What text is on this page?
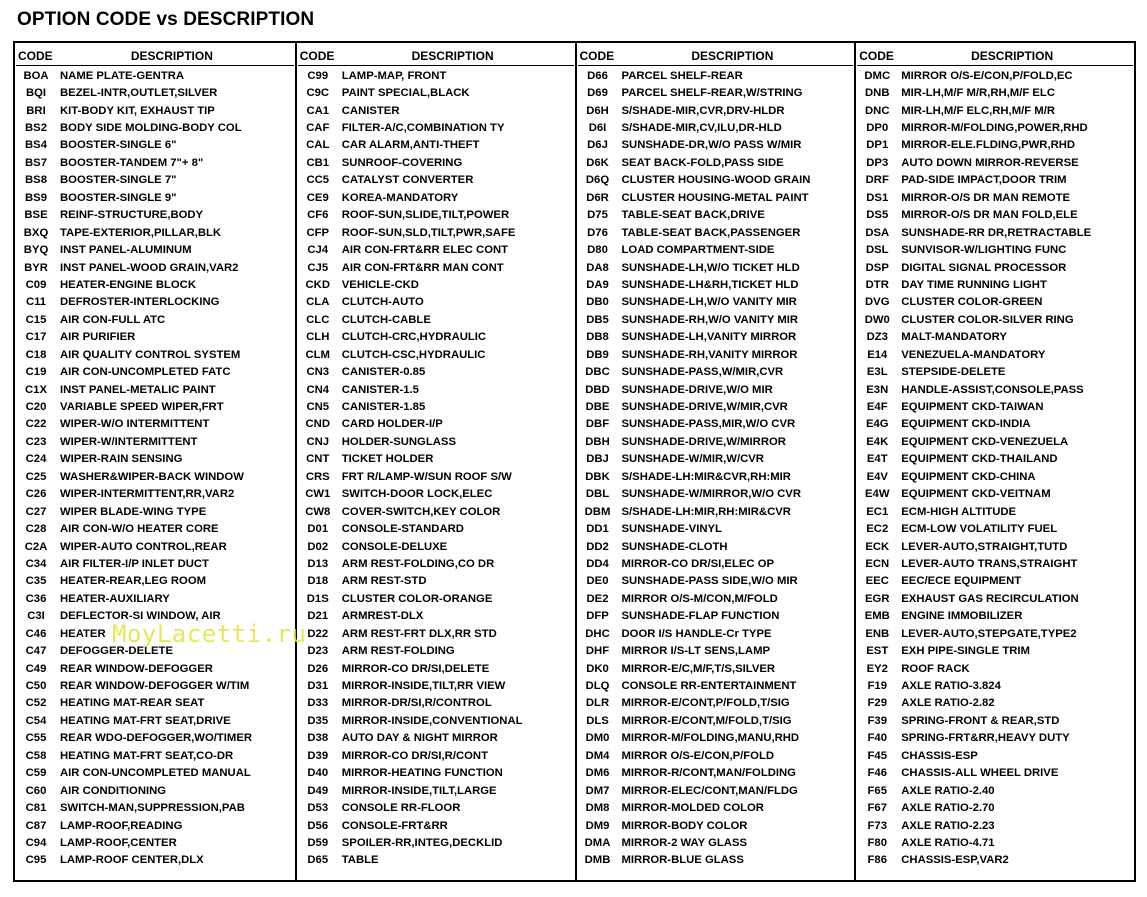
OPTION CODE vs DESCRIPTION
CODE	DESCRIPTION
BOA	NAME PLATE-GENTRA
BQI	BEZEL-INTR,OUTLET,SILVER
BRI	KIT-BODY KIT, EXHAUST TIP
BS2	BODY SIDE MOLDING-BODY COL
BS4	BOOSTER-SINGLE 6"
BS7	BOOSTER-TANDEM 7"+ 8"
BS8	BOOSTER-SINGLE 7"
BS9	BOOSTER-SINGLE 9"
BSE	REINF-STRUCTURE,BODY
BXQ	TAPE-EXTERIOR,PILLAR,BLK
BYQ	INST PANEL-ALUMINUM
BYR	INST PANEL-WOOD GRAIN,VAR2
C09	HEATER-ENGINE BLOCK
C11	DEFROSTER-INTERLOCKING
C15	AIR CON-FULL ATC
C17	AIR PURIFIER
C18	AIR QUALITY CONTROL SYSTEM
C19	AIR CON-UNCOMPLETED FATC
C1X	INST PANEL-METALIC PAINT
C20	VARIABLE SPEED WIPER,FRT
C22	WIPER-W/O INTERMITTENT
C23	WIPER-W/INTERMITTENT
C24	WIPER-RAIN SENSING
C25	WASHER&WIPER-BACK WINDOW
C26	WIPER-INTERMITTENT,RR,VAR2
C27	WIPER BLADE-WING TYPE
C28	AIR CON-W/O HEATER CORE
C2A	WIPER-AUTO CONTROL,REAR
C34	AIR FILTER-I/P INLET DUCT
C35	HEATER-REAR,LEG ROOM
C36	HEATER-AUXILIARY
C3I	DEFLECTOR-SI WINDOW, AIR
C46	HEATER
C47	DEFOGGER-DELETE
C49	REAR WINDOW-DEFOGGER
C50	REAR WINDOW-DEFOGGER W/TIM
C52	HEATING MAT-REAR SEAT
C54	HEATING MAT-FRT SEAT,DRIVE
C55	REAR WDO-DEFOGGER,WO/TIMER
C58	HEATING MAT-FRT SEAT,CO-DR
C59	AIR CON-UNCOMPLETED MANUAL
C60	AIR CONDITIONING
C81	SWITCH-MAN,SUPPRESSION,PAB
C87	LAMP-ROOF,READING
C94	LAMP-ROOF,CENTER
C95	LAMP-ROOF CENTER,DLX
CODE	DESCRIPTION
C99	LAMP-MAP, FRONT
C9C	PAINT SPECIAL,BLACK
CA1	CANISTER
CAF	FILTER-A/C,COMBINATION TY
CAL	CAR ALARM,ANTI-THEFT
CB1	SUNROOF-COVERING
CC5	CATALYST CONVERTER
CE9	KOREA-MANDATORY
CF6	ROOF-SUN,SLIDE,TILT,POWER
CFP	ROOF-SUN,SLD,TILT,PWR,SAFE
CJ4	AIR CON-FRT&RR ELEC CONT
CJ5	AIR CON-FRT&RR MAN CONT
CKD	VEHICLE-CKD
CLA	CLUTCH-AUTO
CLC	CLUTCH-CABLE
CLH	CLUTCH-CRC,HYDRAULIC
CLM	CLUTCH-CSC,HYDRAULIC
CN3	CANISTER-0.85
CN4	CANISTER-1.5
CN5	CANISTER-1.85
CND	CARD HOLDER-I/P
CNJ	HOLDER-SUNGLASS
CNT	TICKET HOLDER
CRS	FRT R/LAMP-W/SUN ROOF S/W
CW1	SWITCH-DOOR LOCK,ELEC
CW8	COVER-SWITCH,KEY COLOR
D01	CONSOLE-STANDARD
D02	CONSOLE-DELUXE
D13	ARM REST-FOLDING,CO DR
D18	ARM REST-STD
D1S	CLUSTER COLOR-ORANGE
D21	ARMREST-DLX
D22	ARM REST-FRT DLX,RR STD
D23	ARM REST-FOLDING
D26	MIRROR-CO DR/SI,DELETE
D31	MIRROR-INSIDE,TILT,RR VIEW
D33	MIRROR-DR/SI,R/CONTROL
D35	MIRROR-INSIDE,CONVENTIONAL
D38	AUTO DAY & NIGHT MIRROR
D39	MIRROR-CO DR/SI,R/CONT
D40	MIRROR-HEATING FUNCTION
D49	MIRROR-INSIDE,TILT,LARGE
D53	CONSOLE RR-FLOOR
D56	CONSOLE-FRT&RR
D59	SPOILER-RR,INTEG,DECKLID
D65	TABLE
CODE	DESCRIPTION
D66	PARCEL SHELF-REAR
D69	PARCEL SHELF-REAR,W/STRING
D6H	S/SHADE-MIR,CVR,DRV-HLDR
D6I	S/SHADE-MIR,CV,ILU,DR-HLD
D6J	SUNSHADE-DR,W/O PASS W/MIR
D6K	SEAT BACK-FOLD,PASS SIDE
D6Q	CLUSTER HOUSING-WOOD GRAIN
D6R	CLUSTER HOUSING-METAL PAINT
D75	TABLE-SEAT BACK,DRIVE
D76	TABLE-SEAT BACK,PASSENGER
D80	LOAD COMPARTMENT-SIDE
DA8	SUNSHADE-LH,W/O TICKET HLD
DA9	SUNSHADE-LH&RH,TICKET HLD
DB0	SUNSHADE-LH,W/O VANITY MIR
DB5	SUNSHADE-RH,W/O VANITY MIR
DB8	SUNSHADE-LH,VANITY MIRROR
DB9	SUNSHADE-RH,VANITY MIRROR
DBC	SUNSHADE-PASS,W/MIR,CVR
DBD	SUNSHADE-DRIVE,W/O MIR
DBE	SUNSHADE-DRIVE,W/MIR,CVR
DBF	SUNSHADE-PASS,MIR,W/O CVR
DBH	SUNSHADE-DRIVE,W/MIRROR
DBJ	SUNSHADE-W/MIR,W/CVR
DBK	S/SHADE-LH:MIR&CVR,RH:MIR
DBL	SUNSHADE-W/MIRROR,W/O CVR
DBM S/SHADE-LH:MIR,RH:MIR&CVR
DD1	SUNSHADE-VINYL
DD2	SUNSHADE-CLOTH
DD4	MIRROR-CO DR/SI,ELEC OP
DE0	SUNSHADE-PASS SIDE,W/O MIR
DE2	MIRROR O/S-M/CON,M/FOLD
DFP	SUNSHADE-FLAP FUNCTION
DHC	DOOR I/S HANDLE-Cr TYPE
DHF	MIRROR I/S-LT SENS,LAMP
DK0	MIRROR-E/C,M/F,T/S,SILVER
DLQ	CONSOLE RR-ENTERTAINMENT
DLR	MIRROR-E/CONT,P/FOLD,T/SIG
DLS	MIRROR-E/CONT,M/FOLD,T/SIG
DM0	MIRROR-M/FOLDING,MANU,RHD
DM4	MIRROR O/S-E/CON,P/FOLD
DM6	MIRROR-R/CONT,MAN/FOLDING
DM7	MIRROR-ELEC/CONT,MAN/FLDG
DM8	MIRROR-MOLDED COLOR
DM9	MIRROR-BODY COLOR
DMA MIRROR-2 WAY GLASS
DMB MIRROR-BLUE GLASS
CODE	DESCRIPTION
DMC MIRROR O/S-E/CON,P/FOLD,EC
DNB	MIR-LH,M/F M/R,RH,M/F ELC
DNC	MIR-LH,M/F ELC,RH,M/F M/R
DP0	MIRROR-M/FOLDING,POWER,RHD
DP1	MIRROR-ELE.FLDING,PWR,RHD
DP3	AUTO DOWN MIRROR-REVERSE
DRF	PAD-SIDE IMPACT,DOOR TRIM
DS1	MIRROR-O/S DR MAN REMOTE
DS5	MIRROR-O/S DR MAN FOLD,ELE
DSA	SUNSHADE-RR DR,RETRACTABLE
DSL	SUNVISOR-W/LIGHTING FUNC
DSP	DIGITAL SIGNAL PROCESSOR
DTR	DAY TIME RUNNING LIGHT
DVG	CLUSTER COLOR-GREEN
DW0	CLUSTER COLOR-SILVER RING
DZ3	MALT-MANDATORY
E14	VENEZUELA-MANDATORY
E3L	STEPSIDE-DELETE
E3N	HANDLE-ASSIST,CONSOLE,PASS
E4F	EQUIPMENT CKD-TAIWAN
E4G	EQUIPMENT CKD-INDIA
E4K	EQUIPMENT CKD-VENEZUELA
E4T	EQUIPMENT CKD-THAILAND
E4V	EQUIPMENT CKD-CHINA
E4W	EQUIPMENT CKD-VEITNAM
EC1	ECM-HIGH ALTITUDE
EC2	ECM-LOW VOLATILITY FUEL
ECK	LEVER-AUTO,STRAIGHT,TUTD
ECN	LEVER-AUTO TRANS,STRAIGHT
EEC	EEC/ECE EQUIPMENT
EGR	EXHAUST GAS RECIRCULATION
EMB	ENGINE IMMOBILIZER
ENB	LEVER-AUTO,STEPGATE,TYPE2
EST	EXH PIPE-SINGLE TRIM
EY2	ROOF RACK
F19	AXLE RATIO-3.824
F29	AXLE RATIO-2.82
F39	SPRING-FRONT & REAR,STD
F40	SPRING-FRT&RR,HEAVY DUTY
F45	CHASSIS-ESP
F46	CHASSIS-ALL WHEEL DRIVE
F65	AXLE RATIO-2.40
F67	AXLE RATIO-2.70
F73	AXLE RATIO-2.23
F80	AXLE RATIO-4.71
F86	CHASSIS-ESP,VAR2
MoyLacetti.ru
